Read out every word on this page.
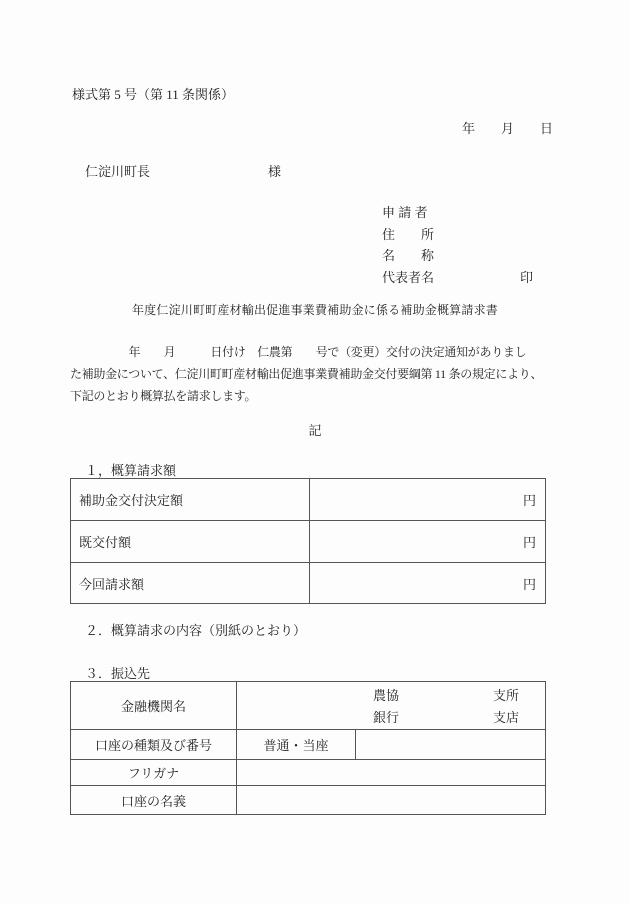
様式第 5 号（第 11 条関係）
年　　月　　日
仁淀川町長	様
申 請 者
住　　所
名　　称
代表者名	印
年度仁淀川町町産材輸出促進事業費補助金に係る補助金概算請求書
　　　　　年　　月　　　日付け　仁農第　　号で（変更）交付の決定通知がありまし
た補助金について、仁淀川町町産材輸出促進事業費補助金交付要綱第 11 条の規定により、
下記のとおり概算払を請求します。
記
１，概算請求額
補助金交付決定額	円
既交付額	円
今回請求額	円
２．概算請求の内容（別紙のとおり）
３．振込先
金融機関名	農協 支所
銀行 支店	

口座の種類及び番号	普通・当座	
フリガナ		
口座の名義		
